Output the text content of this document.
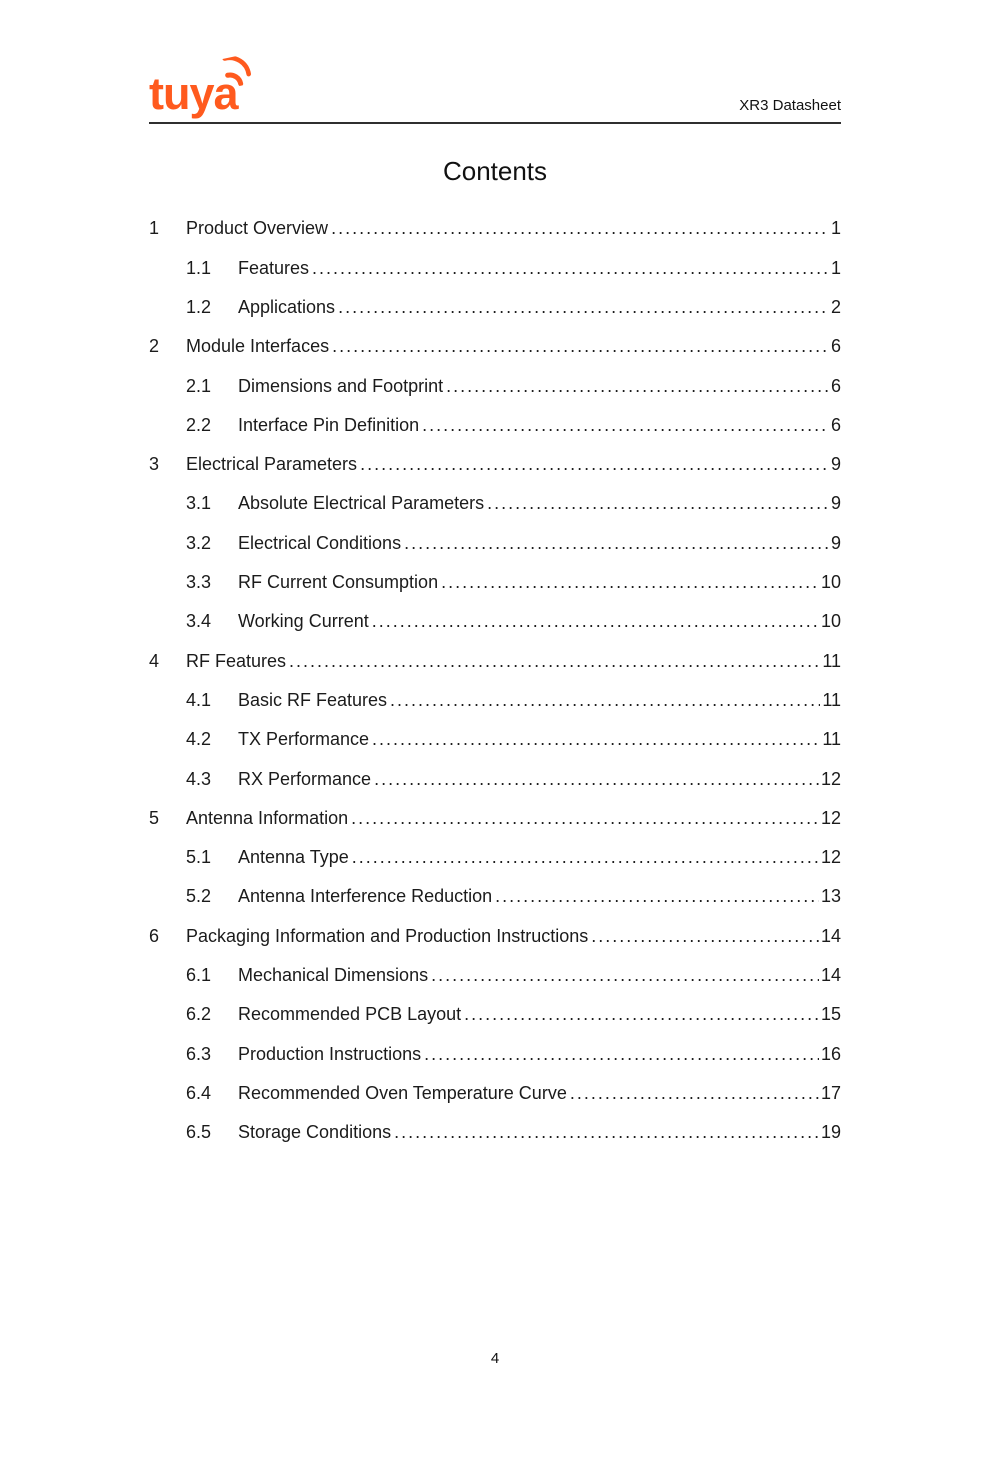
tuya	XR3 Datasheet
Contents
1	Product Overview .....	1
1.1	Features .....	1
1.2	Applications .....	2
2	Module Interfaces .....	6
2.1	Dimensions and Footprint .....	6
2.2	Interface Pin Definition .....	6
3	Electrical Parameters .....	9
3.1	Absolute Electrical Parameters .....	9
3.2	Electrical Conditions .....	9
3.3	RF Current Consumption .....	10
3.4	Working Current .....	10
4	RF Features .....	11
4.1	Basic RF Features .....	11
4.2	TX Performance .....	11
4.3	RX Performance .....	12
5	Antenna Information .....	12
5.1	Antenna Type .....	12
5.2	Antenna Interference Reduction .....	13
6	Packaging Information and Production Instructions .....	14
6.1	Mechanical Dimensions .....	14
6.2	Recommended PCB Layout .....	15
6.3	Production Instructions .....	16
6.4	Recommended Oven Temperature Curve .....	17
6.5	Storage Conditions .....	19
4
